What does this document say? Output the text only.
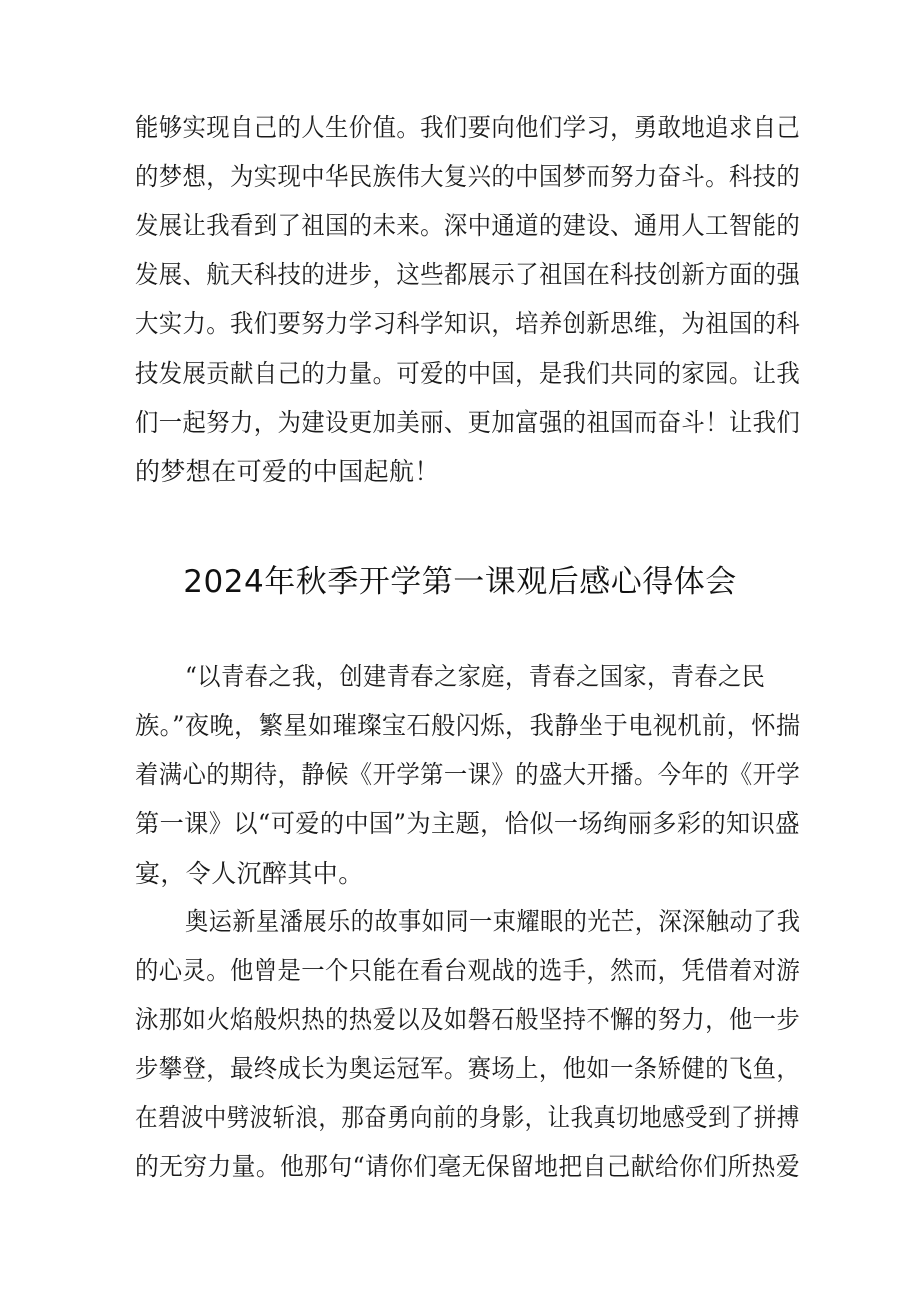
能够实现自己的人生价值。我们要向他们学习，勇敢地追求自己
的梦想，为实现中华民族伟大复兴的中国梦而努力奋斗。科技的
发展让我看到了祖国的未来。深中通道的建设、通用人工智能的
发展、航天科技的进步，这些都展示了祖国在科技创新方面的强
大实力。我们要努力学习科学知识，培养创新思维，为祖国的科
技发展贡献自己的力量。可爱的中国，是我们共同的家园。让我
们一起努力，为建设更加美丽、更加富强的祖国而奋斗！让我们
的梦想在可爱的中国起航！
2024年秋季开学第一课观后感心得体会
“以青春之我，创建青春之家庭，青春之国家，青春之民
族。”夜晚，繁星如璀璨宝石般闪烁，我静坐于电视机前，怀揣
着满心的期待，静候《开学第一课》的盛大开播。今年的《开学
第一课》以“可爱的中国”为主题，恰似一场绚丽多彩的知识盛
宴，令人沉醉其中。
奥运新星潘展乐的故事如同一束耀眼的光芒，深深触动了我
的心灵。他曾是一个只能在看台观战的选手，然而，凭借着对游
泳那如火焰般炽热的热爱以及如磐石般坚持不懈的努力，他一步
步攀登，最终成长为奥运冠军。赛场上，他如一条矫健的飞鱼，
在碧波中劈波斩浪，那奋勇向前的身影，让我真切地感受到了拼搏
的无穷力量。他那句“请你们毫无保留地把自己献给你们所热爱
